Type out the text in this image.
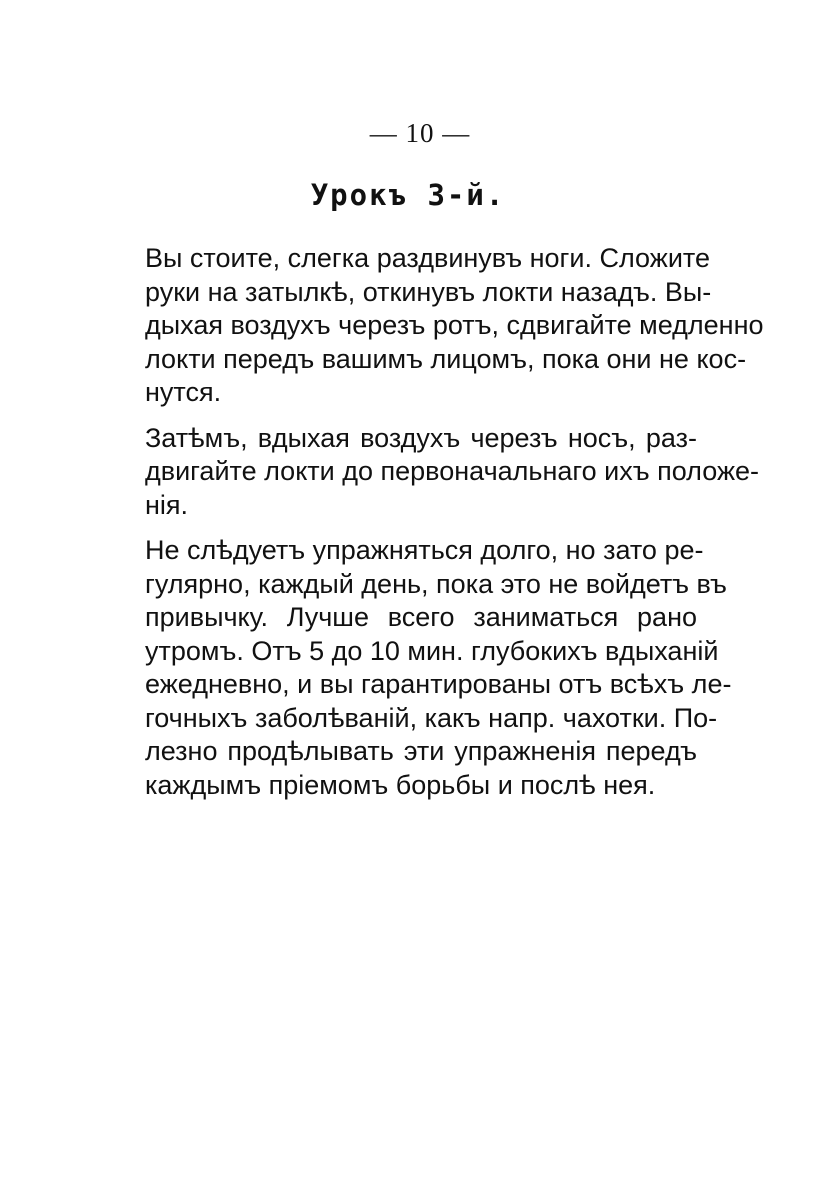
— 10 —
Урокъ 3-й.

Вы стоите, слегка раздвинувъ ноги. Сложите
руки на затылкѣ, откинувъ локти назадъ. Вы-
дыхая воздухъ черезъ ротъ, сдвигайте медленно
локти передъ вашимъ лицомъ, пока они не кос-
нутся.

Затѣмъ, вдыхая воздухъ черезъ носъ, раз-
двигайте локти до первоначальнаго ихъ положе-
нія.

Не слѣдуетъ упражняться долго, но зато ре-
гулярно, каждый день, пока это не войдетъ въ
привычку. Лучше всего заниматься рано
утромъ. Отъ 5 до 10 мин. глубокихъ вдыханій
ежедневно, и вы гарантированы отъ всѣхъ ле-
гочныхъ заболѣваній, какъ напр. чахотки. По-
лезно продѣлывать эти упражненія передъ
каждымъ пріемомъ борьбы и послѣ нея.
